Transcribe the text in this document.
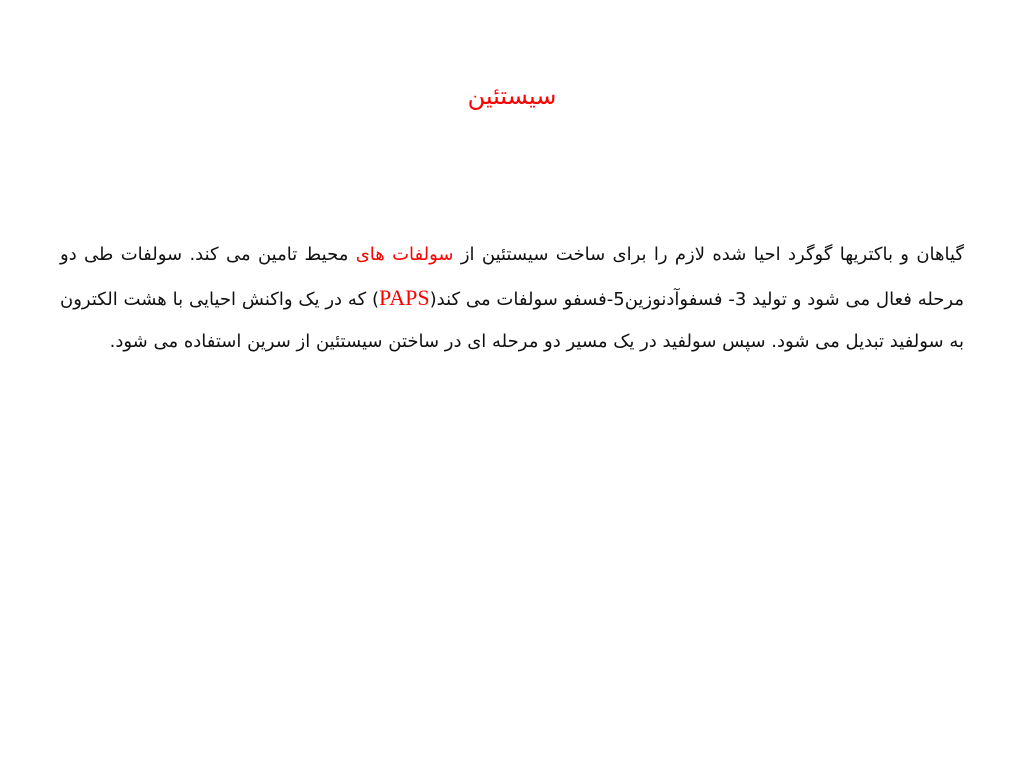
سیستئین
گیاهان و باکتریها گوگرد احیا شده لازم را برای ساخت سیستئین از سولفات های محیط تامین می کند. سولفات طی دو مرحله فعال می شود و تولید 3- فسفوآدنوزین5-فسفو سولفات می کند(PAPS) که در یک واکنش احیایی با هشت الکترون به سولفید تبدیل می شود. سپس سولفید در یک مسیر دو مرحله ای در ساختن سیستئین از سرین استفاده می شود.
